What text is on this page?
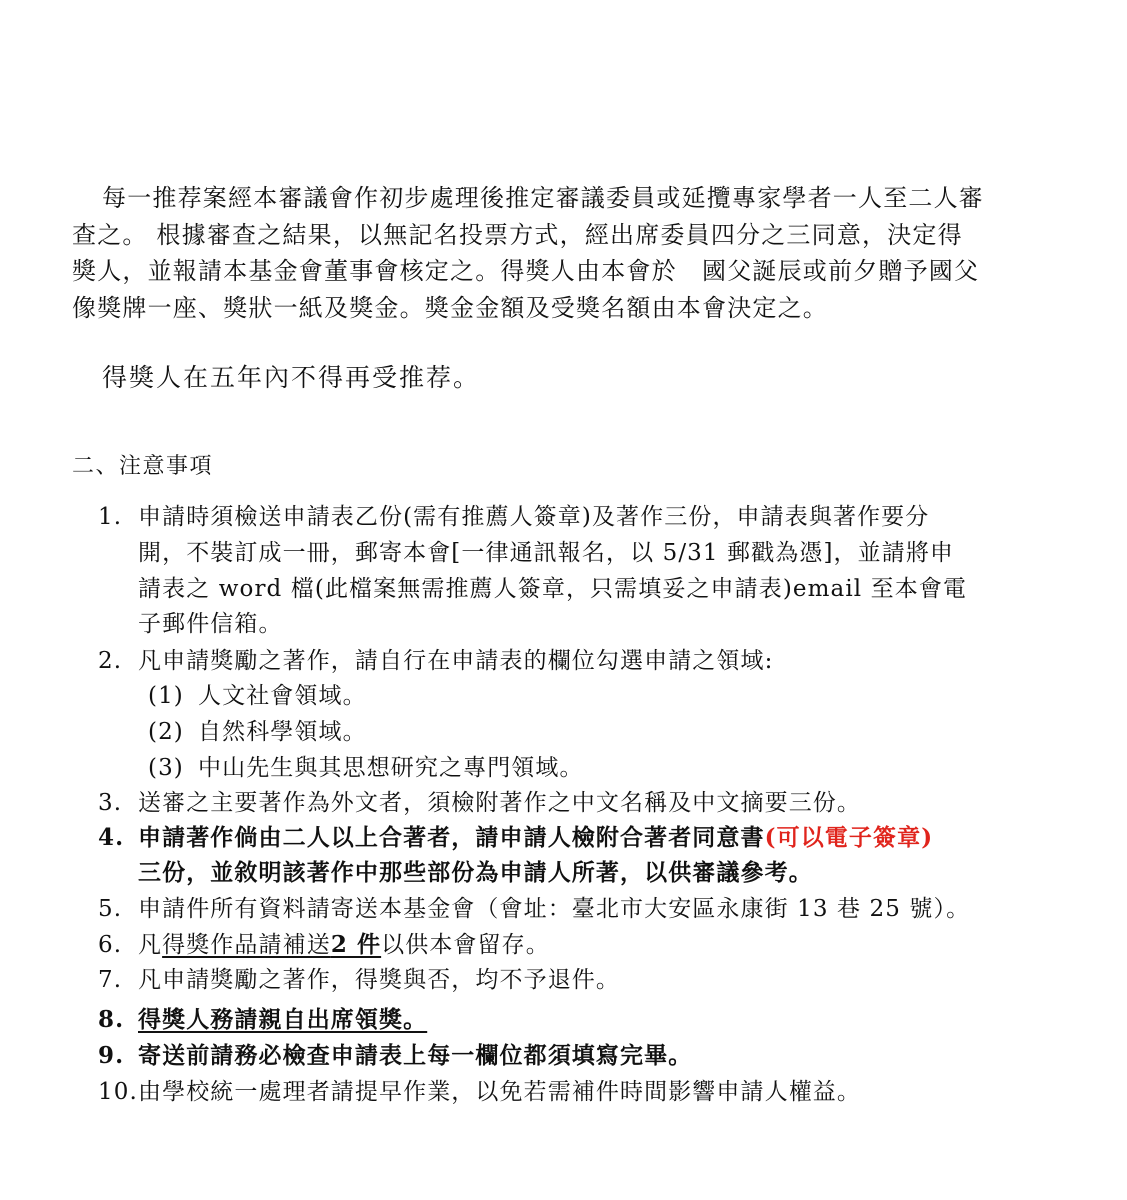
每一推荐案經本審議會作初步處理後推定審議委員或延攬專家學者一人至二人審
查之。 根據審查之結果，以無記名投票方式，經出席委員四分之三同意，決定得
獎人，並報請本基金會董事會核定之。得獎人由本會於　國父誕辰或前夕贈予國父
像獎牌一座、獎狀一紙及獎金。獎金金額及受獎名額由本會決定之。
得獎人在五年內不得再受推荐。
二、注意事項
1. 申請時須檢送申請表乙份(需有推薦人簽章)及著作三份，申請表與著作要分
開，不裝訂成一冊，郵寄本會[一律通訊報名，以 5/31 郵戳為憑]，並請將申
請表之 word 檔(此檔案無需推薦人簽章，只需填妥之申請表)email 至本會電
子郵件信箱。
2. 凡申請獎勵之著作，請自行在申請表的欄位勾選申請之領域:
(1) 人文社會領域。
(2) 自然科學領域。
(3) 中山先生與其思想研究之專門領域。
3. 送審之主要著作為外文者，須檢附著作之中文名稱及中文摘要三份。
4. 申請著作倘由二人以上合著者，請申請人檢附合著者同意書(可以電子簽章)
三份，並敘明該著作中那些部份為申請人所著，以供審議參考。
5. 申請件所有資料請寄送本基金會（會址：臺北市大安區永康街 13 巷 25 號）。
6. 凡得獎作品請補送2 件以供本會留存。
7. 凡申請獎勵之著作，得獎與否，均不予退件。
8. 得獎人務請親自出席領獎。
9. 寄送前請務必檢查申請表上每一欄位都須填寫完畢。
10.由學校統一處理者請提早作業，以免若需補件時間影響申請人權益。
